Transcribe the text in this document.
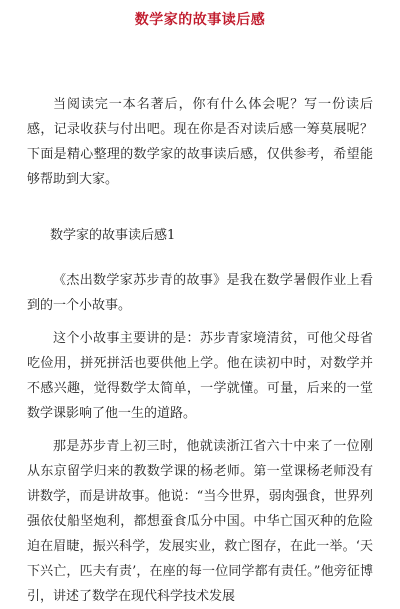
数学家的故事读后感

当阅读完一本名著后，你有什么体会呢？写一份读后感，记录收获与付出吧。现在你是否对读后感一筹莫展呢？下面是精心整理的数学家的故事读后感，仅供参考，希望能够帮助到大家。

数学家的故事读后感1

《杰出数学家苏步青的故事》是我在数学暑假作业上看到的一个小故事。

这个小故事主要讲的是：苏步青家境清贫，可他父母省吃俭用，拼死拼活也要供他上学。他在读初中时，对数学并不感兴趣，觉得数学太简单，一学就懂。可量，后来的一堂数学课影响了他一生的道路。

那是苏步青上初三时，他就读浙江省六十中来了一位刚从东京留学归来的教数学课的杨老师。第一堂课杨老师没有讲数学，而是讲故事。他说：“当今世界，弱肉强食，世界列强依仗船坚炮利，都想蚕食瓜分中国。中华亡国灭种的危险迫在眉睫，振兴科学，发展实业，救亡图存，在此一举。‘天下兴亡，匹夫有责’，在座的每一位同学都有责任。”他旁征博引，讲述了数学在现代科学技术发展
